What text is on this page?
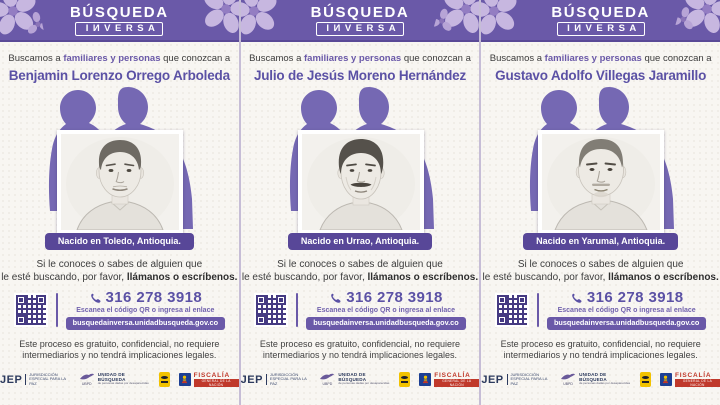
BÚSQUEDA
IИVERSA

Buscamos a familiares y personas que conozcan a

Benjamin Lorenzo Orrego Arboleda
Nacido en Toledo, Antioquia.

Si le conoces o sabes de alguien que
le esté buscando, por favor, llámanos o escríbenos.

316 278 3918
Escanea el código QR o ingresa al enlace
busquedainversa.unidadbusqueda.gov.co

Este proceso es gratuito, confidencial, no requiere
intermediarios y no tendrá implicaciones legales.

JEP JURISDICCIÓN
ESPECIAL PARA LA PAZ	UBPD
UNIDAD DE BÚSQUEDA
de personas dadas por desaparecidas
FISCALÍA
GENERAL DE LA NACIÓN
BÚSQUEDA
IИVERSA

Buscamos a familiares y personas que conozcan a

Julio de Jesús Moreno Hernández
Nacido en Urrao, Antioquia.

Si le conoces o sabes de alguien que
le esté buscando, por favor, llámanos o escríbenos.

316 278 3918
Escanea el código QR o ingresa al enlace
busquedainversa.unidadbusqueda.gov.co

Este proceso es gratuito, confidencial, no requiere
intermediarios y no tendrá implicaciones legales.

JEP JURISDICCIÓN
ESPECIAL PARA LA PAZ	UBPD
UNIDAD DE BÚSQUEDA
de personas dadas por desaparecidas
FISCALÍA
GENERAL DE LA NACIÓN
BÚSQUEDA
IИVERSA

Buscamos a familiares y personas que conozcan a

Gustavo Adolfo Villegas Jaramillo
Nacido en Yarumal, Antioquia.

Si le conoces o sabes de alguien que
le esté buscando, por favor, llámanos o escríbenos.

316 278 3918
Escanea el código QR o ingresa al enlace
busquedainversa.unidadbusqueda.gov.co

Este proceso es gratuito, confidencial, no requiere
intermediarios y no tendrá implicaciones legales.

JEP JURISDICCIÓN
ESPECIAL PARA LA PAZ	UBPD
UNIDAD DE BÚSQUEDA
de personas dadas por desaparecidas
FISCALÍA
GENERAL DE LA NACIÓN
